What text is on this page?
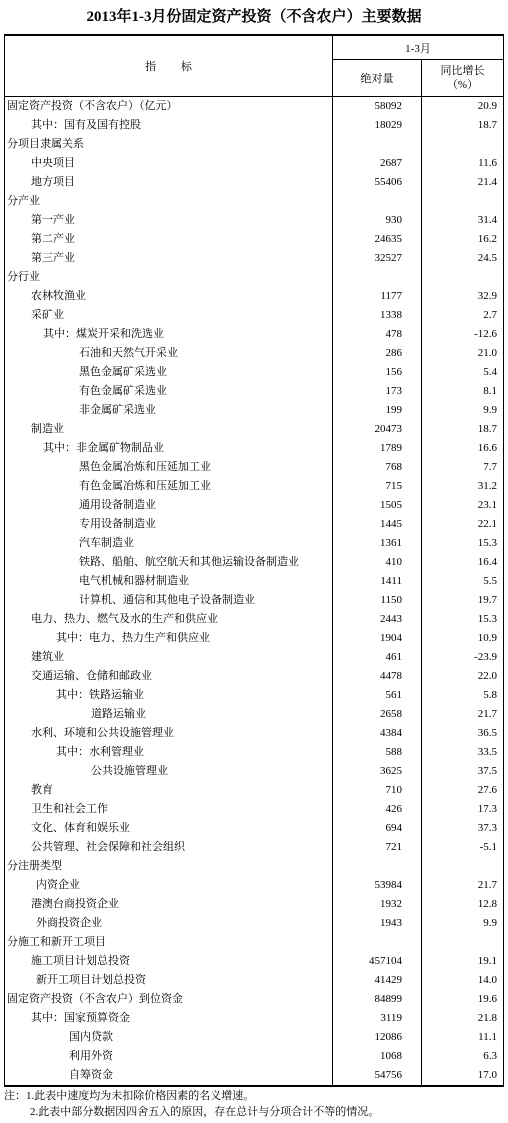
2013年1-3月份固定资产投资（不含农户）主要数据
指 标
1-3月
绝对量
同比增长
（%）
固定资产投资（不含农户）（亿元）	58092	20.9
其中：国有及国有控股	18029	18.7
分项目隶属关系
中央项目	2687	11.6
地方项目	55406	21.4
分产业
第一产业	930	31.4
第二产业	24635	16.2
第三产业	32527	24.5
分行业
农林牧渔业	1177	32.9
采矿业	1338	2.7
其中：煤炭开采和洗选业	478	-12.6
石油和天然气开采业	286	21.0
黑色金属矿采选业	156	5.4
有色金属矿采选业	173	8.1
非金属矿采选业	199	9.9
制造业	20473	18.7
其中：非金属矿物制品业	1789	16.6
黑色金属冶炼和压延加工业	768	7.7
有色金属冶炼和压延加工业	715	31.2
通用设备制造业	1505	23.1
专用设备制造业	1445	22.1
汽车制造业	1361	15.3
铁路、船舶、航空航天和其他运输设备制造业	410	16.4
电气机械和器材制造业	1411	5.5
计算机、通信和其他电子设备制造业	1150	19.7
电力、热力、燃气及水的生产和供应业	2443	15.3
其中：电力、热力生产和供应业	1904	10.9
建筑业	461	-23.9
交通运输、仓储和邮政业	4478	22.0
其中：铁路运输业	561	5.8
道路运输业	2658	21.7
水利、环境和公共设施管理业	4384	36.5
其中：水利管理业	588	33.5
公共设施管理业	3625	37.5
教育	710	27.6
卫生和社会工作	426	17.3
文化、体育和娱乐业	694	37.3
公共管理、社会保障和社会组织	721	-5.1
分注册类型
内资企业	53984	21.7
港澳台商投资企业	1932	12.8
外商投资企业	1943	9.9
分施工和新开工项目
施工项目计划总投资	457104	19.1
新开工项目计划总投资	41429	14.0
固定资产投资（不含农户）到位资金	84899	19.6
其中：国家预算资金	3119	21.8
国内贷款	12086	11.1
利用外资	1068	6.3
自筹资金	54756	17.0
注：1.此表中速度均为未扣除价格因素的名义增速。
2.此表中部分数据因四舍五入的原因，存在总计与分项合计不等的情况。
